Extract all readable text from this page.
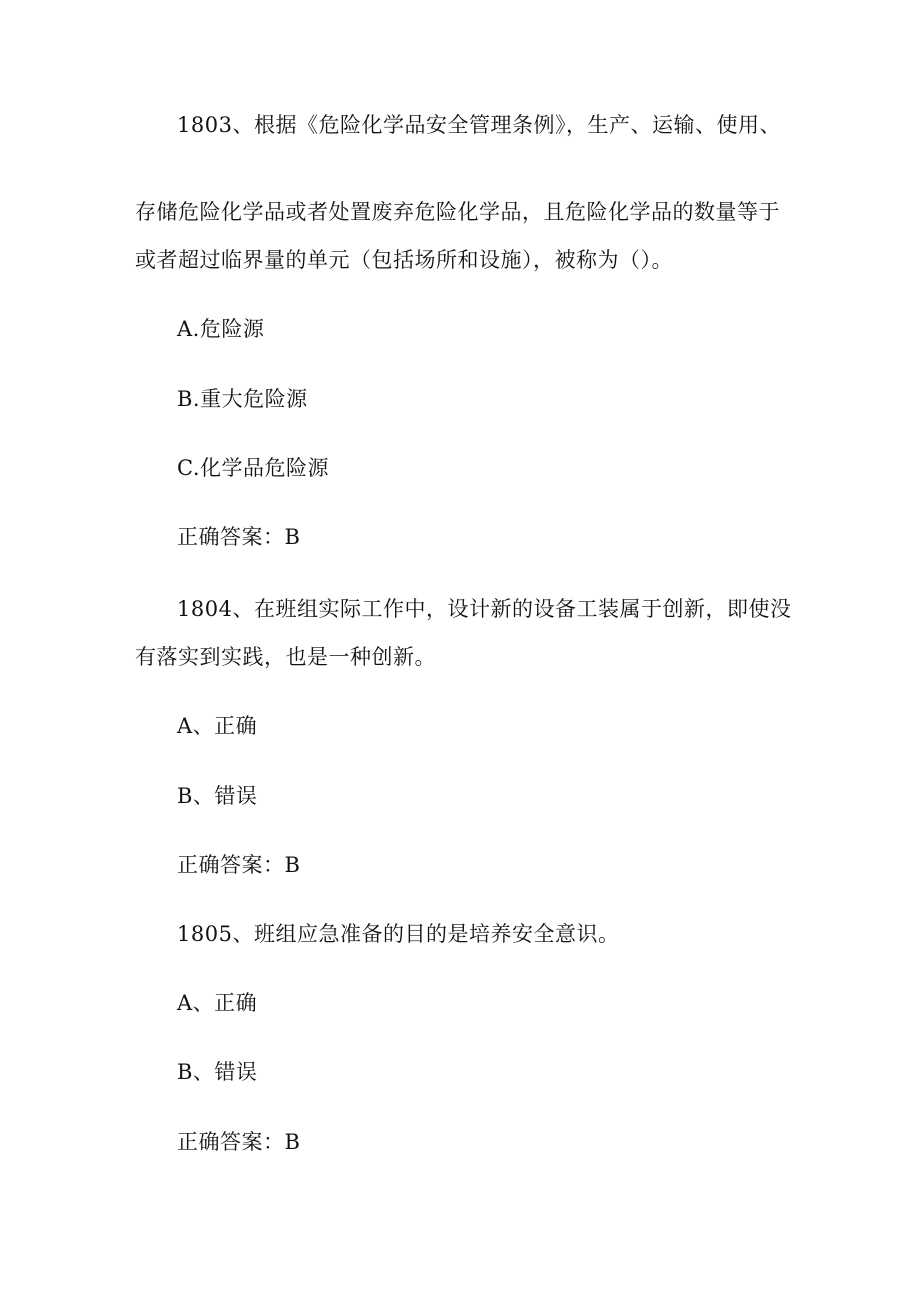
1803、根据《危险化学品安全管理条例》，生产、运输、使用、
存储危险化学品或者处置废弃危险化学品，且危险化学品的数量等于
或者超过临界量的单元（包括场所和设施），被称为（）。
A.危险源
B.重大危险源
C.化学品危险源
正确答案：B
1804、在班组实际工作中，设计新的设备工装属于创新，即使没
有落实到实践，也是一种创新。
A、正确
B、错误
正确答案：B
1805、班组应急准备的目的是培养安全意识。
A、正确
B、错误
正确答案：B
